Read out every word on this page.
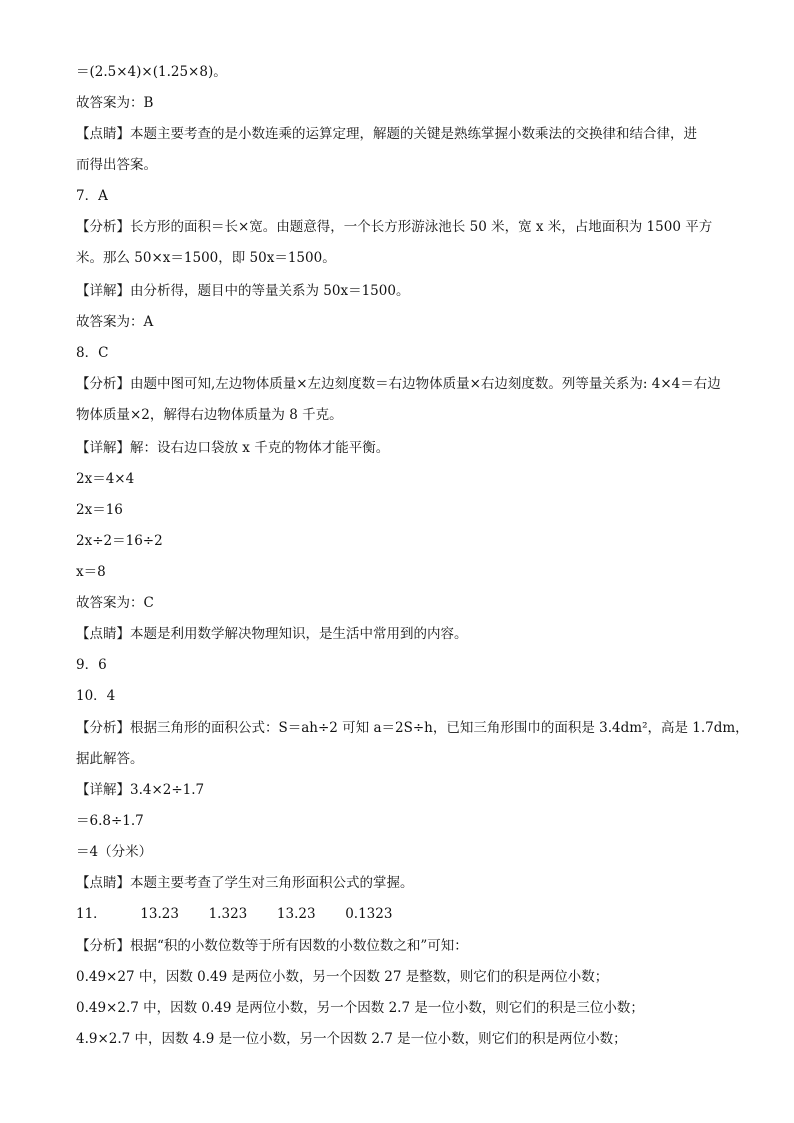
＝(2.5×4)×(1.25×8)。
故答案为：B
【点睛】本题主要考查的是小数连乘的运算定理，解题的关键是熟练掌握小数乘法的交换律和结合律，进
而得出答案。
7．A
【分析】长方形的面积＝长×宽。由题意得，一个长方形游泳池长 50 米，宽 x 米，占地面积为 1500 平方
米。那么 50×x＝1500，即 50x＝1500。
【详解】由分析得，题目中的等量关系为 50x＝1500。
故答案为：A
8．C
【分析】由题中图可知,左边物体质量×左边刻度数＝右边物体质量×右边刻度数。列等量关系为: 4×4＝右边
物体质量×2，解得右边物体质量为 8 千克。
【详解】解：设右边口袋放 x 千克的物体才能平衡。
2x＝4×4
2x＝16
2x÷2＝16÷2
x＝8
故答案为：C
【点睛】本题是利用数学解决物理知识，是生活中常用到的内容。
9．6
10．4
【分析】根据三角形的面积公式：S＝ah÷2 可知 a＝2S÷h，已知三角形围巾的面积是 3.4dm²，高是 1.7dm，
据此解答。
【详解】3.4×2÷1.7
＝6.8÷1.7
＝4（分米）
【点睛】本题主要考查了学生对三角形面积公式的掌握。
11． 13.23 1.323 13.23 0.1323
【分析】根据“积的小数位数等于所有因数的小数位数之和”可知：
0.49×27 中，因数 0.49 是两位小数，另一个因数 27 是整数，则它们的积是两位小数；
0.49×2.7 中，因数 0.49 是两位小数，另一个因数 2.7 是一位小数，则它们的积是三位小数；
4.9×2.7 中，因数 4.9 是一位小数，另一个因数 2.7 是一位小数，则它们的积是两位小数；
